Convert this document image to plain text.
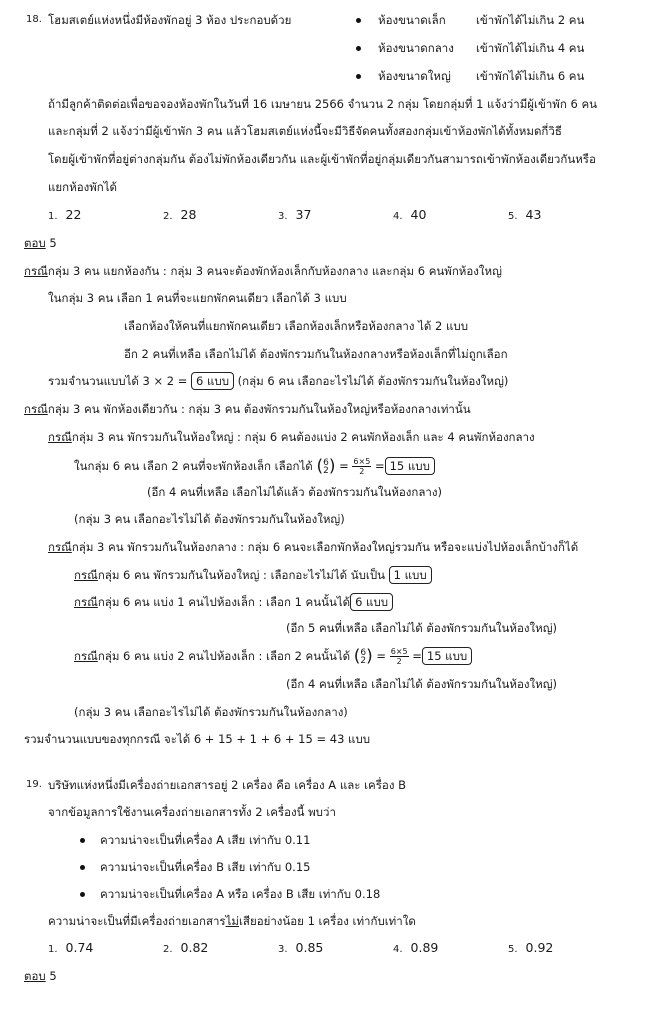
18. โฮมสเตย์แห่งหนึ่งมีห้องพักอยู่ 3 ห้อง ประกอบด้วย	ห้องขนาดเล็ก	เข้าพักได้ไม่เกิน 2 คน
ห้องขนาดกลาง เข้าพักได้ไม่เกิน 4 คน
ห้องขนาดใหญ่ เข้าพักได้ไม่เกิน 6 คน
ถ้ามีลูกค้าติดต่อเพื่อขอจองห้องพักในวันที่ 16 เมษายน 2566 จำนวน 2 กลุ่ม โดยกลุ่มที่ 1 แจ้งว่ามีผู้เข้าพัก 6 คน
และกลุ่มที่ 2 แจ้งว่ามีผู้เข้าพัก 3 คน แล้วโฮมสเตย์แห่งนี้จะมีวิธีจัดคนทั้งสองกลุ่มเข้าห้องพักได้ทั้งหมดกี่วิธี
โดยผู้เข้าพักที่อยู่ต่างกลุ่มกัน ต้องไม่พักห้องเดียวกัน และผู้เข้าพักที่อยู่กลุ่มเดียวกันสามารถเข้าพักห้องเดียวกันหรือ
แยกห้องพักได้
1. 22	2. 28	3. 37	4. 40	5. 43
ตอบ 5
กรณีกลุ่ม 3 คน แยกห้องกัน : กลุ่ม 3 คนจะต้องพักห้องเล็กกับห้องกลาง และกลุ่ม 6 คนพักห้องใหญ่
ในกลุ่ม 3 คน เลือก 1 คนที่จะแยกพักคนเดียว เลือกได้ 3 แบบ
เลือกห้องให้คนที่แยกพักคนเดียว เลือกห้องเล็กหรือห้องกลาง ได้ 2 แบบ
อีก 2 คนที่เหลือ เลือกไม่ได้ ต้องพักรวมกันในห้องกลางหรือห้องเล็กที่ไม่ถูกเลือก
รวมจำนวนแบบได้ 3 × 2 = 6 แบบ (กลุ่ม 6 คน เลือกอะไรไม่ได้ ต้องพักรวมกันในห้องใหญ่)
กรณีกลุ่ม 3 คน พักห้องเดียวกัน : กลุ่ม 3 คน ต้องพักรวมกันในห้องใหญ่หรือห้องกลางเท่านั้น
กรณีกลุ่ม 3 คน พักรวมกันในห้องใหญ่ : กลุ่ม 6 คนต้องแบ่ง 2 คนพักห้องเล็ก และ 4 คนพักห้องกลาง
ในกลุ่ม 6 คน เลือก 2 คนที่จะพักห้องเล็ก เลือกได้ (6
$2) = \frac{6\times 5}{2} = 15$ แบบ
(อีก 4 คนที่เหลือ เลือกไม่ได้แล้ว ต้องพักรวมกันในห้องกลาง)
(กลุ่ม 3 คน เลือกอะไรไม่ได้ ต้องพักรวมกันในห้องใหญ่)
กรณีกลุ่ม 3 คน พักรวมกันในห้องกลาง : กลุ่ม 6 คนจะเลือกพักห้องใหญ่รวมกัน หรือจะแบ่งไปห้องเล็กบ้างก็ได้
กรณีกลุ่ม 6 คน พักรวมกันในห้องใหญ่ : เลือกอะไรไม่ได้ นับเป็น 1 แบบ
กรณีกลุ่ม 6 คน แบ่ง 1 คนไปห้องเล็ก : เลือก 1 คนนั้นได้ 6 แบบ
(อีก 5 คนที่เหลือ เลือกไม่ได้ ต้องพักรวมกันในห้องใหญ่)
กรณีกลุ่ม 6 คน แบ่ง 2 คนไปห้องเล็ก : เลือก 2 คนนั้นได้ (6
$2) = \frac{6\times 5}{2} = 15$ แบบ
(อีก 4 คนที่เหลือ เลือกไม่ได้ ต้องพักรวมกันในห้องใหญ่)
(กลุ่ม 3 คน เลือกอะไรไม่ได้ ต้องพักรวมกันในห้องกลาง)
รวมจำนวนแบบของทุกกรณี จะได้ 6 + 15 + 1 + 6 + 15 = 43 แบบ
19. บริษัทแห่งหนึ่งมีเครื่องถ่ายเอกสารอยู่ 2 เครื่อง คือ เครื่อง A และ เครื่อง B
จากข้อมูลการใช้งานเครื่องถ่ายเอกสารทั้ง 2 เครื่องนี้ พบว่า
ความน่าจะเป็นที่เครื่อง A เสีย เท่ากับ 0.11
ความน่าจะเป็นที่เครื่อง B เสีย เท่ากับ 0.15
ความน่าจะเป็นที่เครื่อง A หรือ เครื่อง B เสีย เท่ากับ 0.18
ความน่าจะเป็นที่มีเครื่องถ่ายเอกสารไม่เสียอย่างน้อย 1 เครื่อง เท่ากับเท่าใด
1. 0.74	2. 0.82	3. 0.85	4. 0.89	5. 0.92
ตอบ 5
